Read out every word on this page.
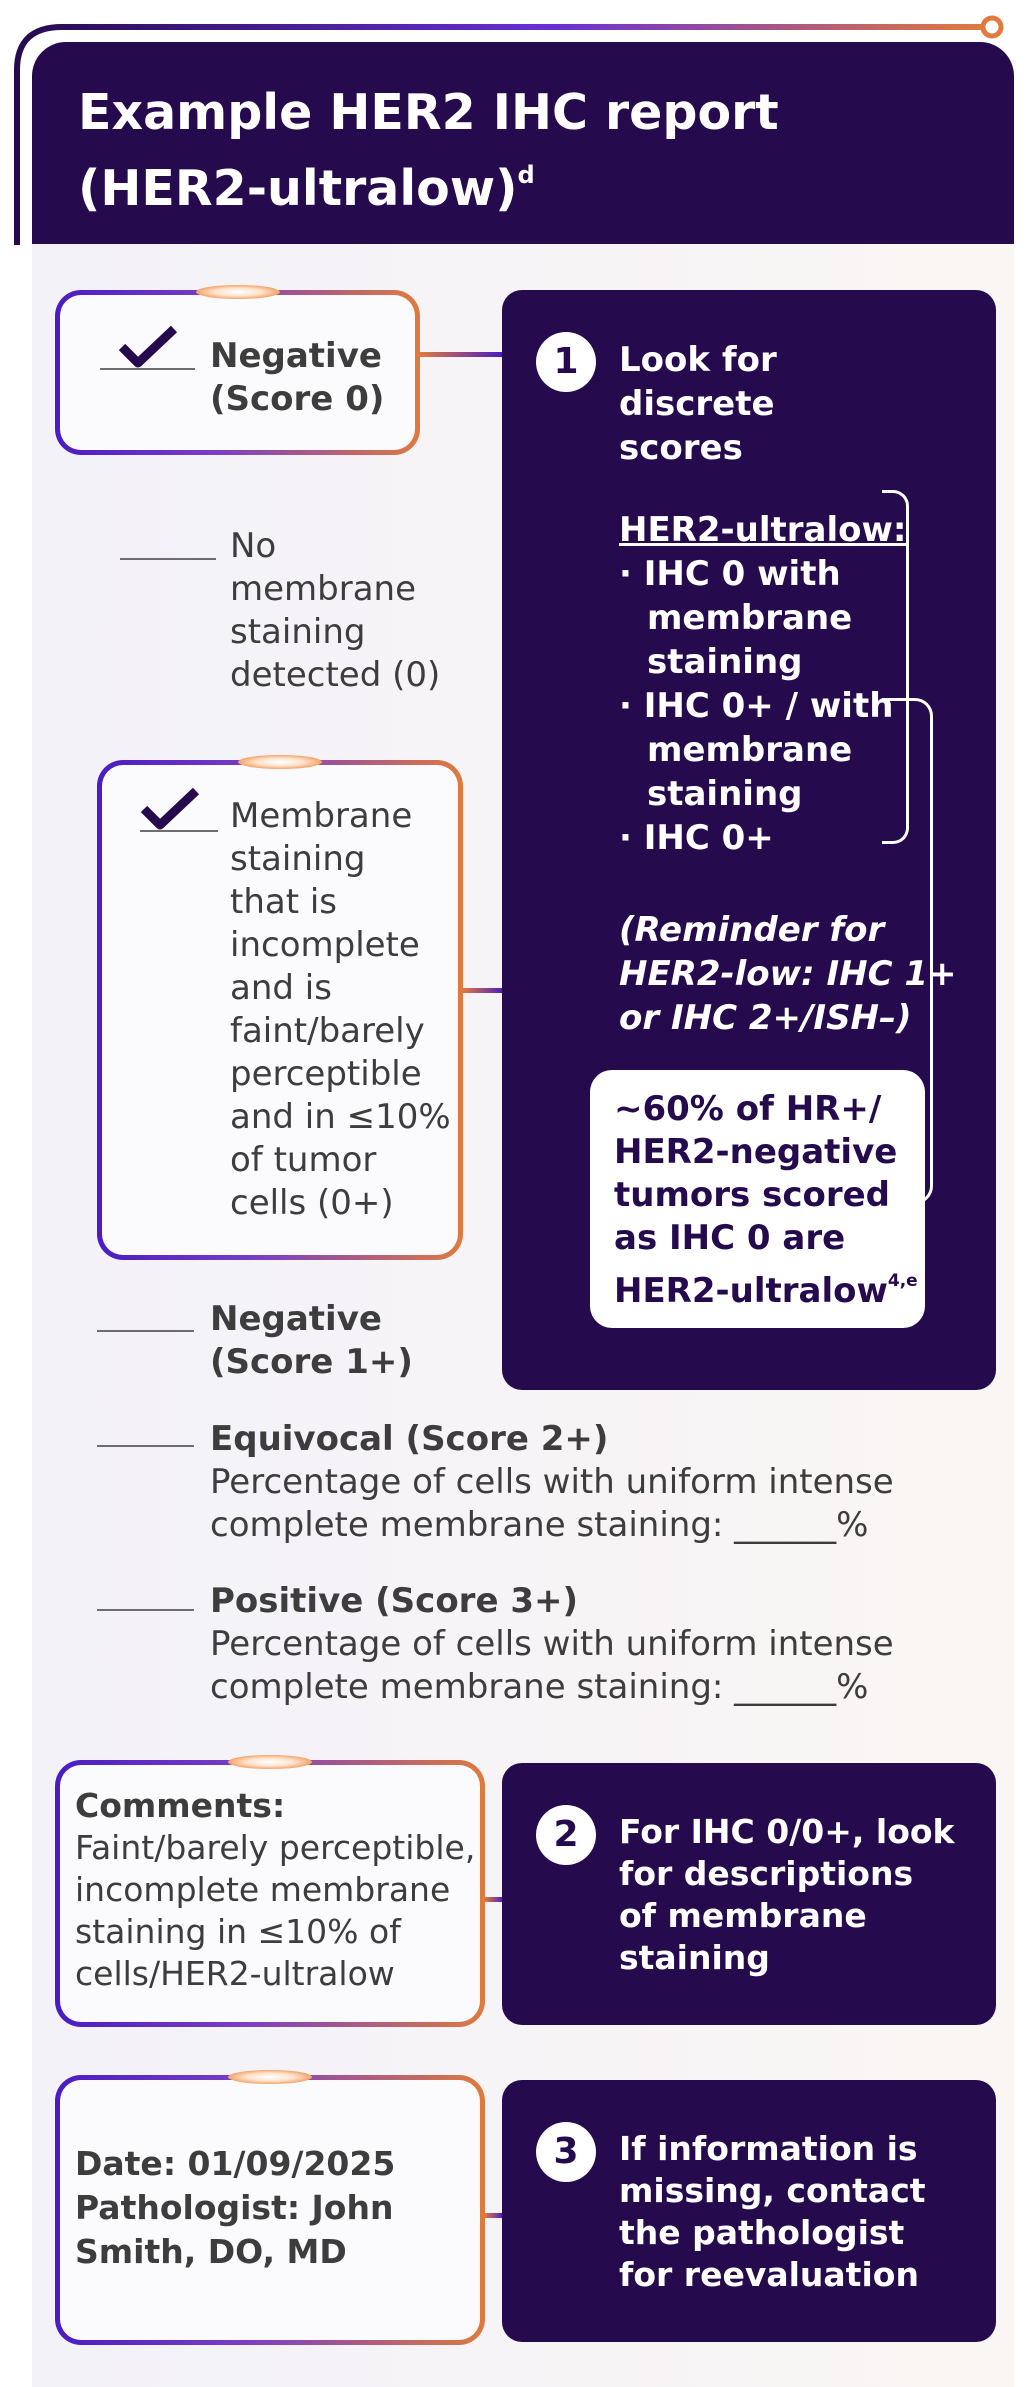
Example HER2 IHC report (HER2-ultralow)$^d$
Negative
(Score 0)
No
membrane
staining
detected (0)
Membrane
staining
that is
incomplete
and is
faint/barely
perceptible
and in ≤10%
of tumor
cells (0+)
Negative
(Score 1+)
Equivocal (Score 2+)
Percentage of cells with uniform intense
complete membrane staining: ______%
Positive (Score 3+)
Percentage of cells with uniform intense
complete membrane staining: ______%
Comments:
Faint/barely perceptible,
incomplete membrane
staining in ≤10% of
cells/HER2-ultralow
Date: 01/09/2025
Pathologist: John
Smith, DO, MD
1	Look for
discrete
scores
HER2-ultralow:
· IHC 0 with
membrane
staining
· IHC 0+ / with
membrane
staining
· IHC 0+
(Reminder for
HER2-low: IHC 1+
or IHC 2+/ISH–)
~60% of HR+/
HER2-negative
tumors scored
as IHC 0 are
HER2-ultralow$^{4,e}$
2	For IHC 0/0+, look
for descriptions
of membrane
staining
3	If information is
missing, contact
the pathologist
for reevaluation
